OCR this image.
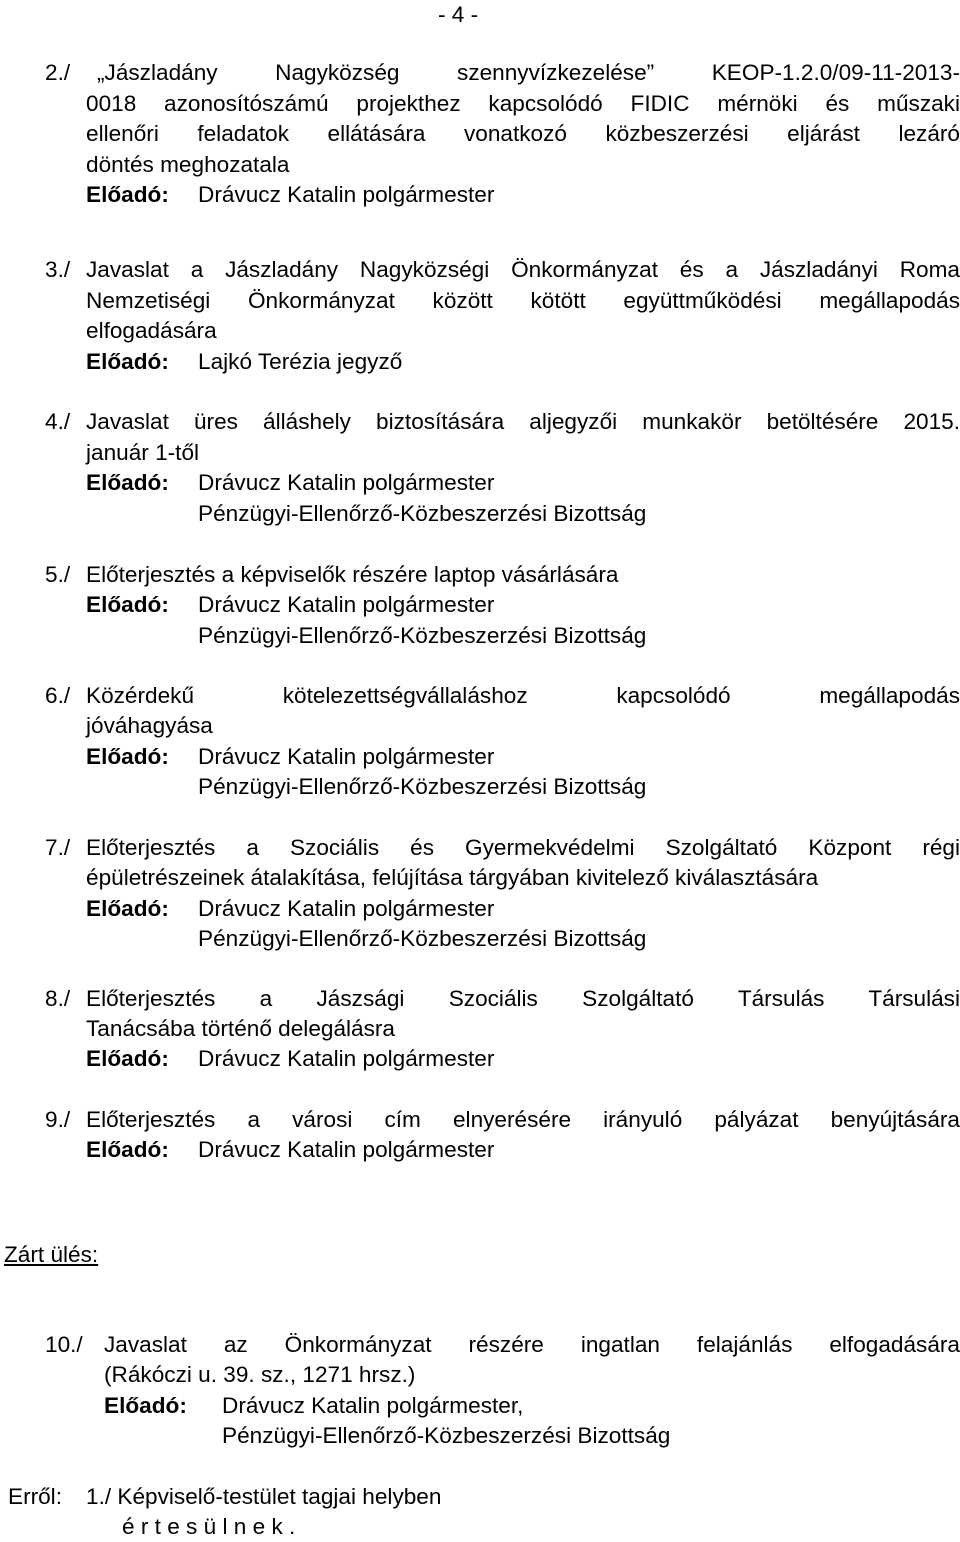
- 4 -
2./ „Jászladány Nagyközség szennyvízkezelése” KEOP-1.2.0/09-11-2013-
0018 azonosítószámú projekthez kapcsolódó FIDIC mérnöki és műszaki
ellenőri feladatok ellátására vonatkozó közbeszerzési eljárást lezáró
döntés meghozatala
Előadó: Drávucz Katalin polgármester
3./ Javaslat a Jászladány Nagyközségi Önkormányzat és a Jászladányi Roma
Nemzetiségi Önkormányzat között kötött együttműködési megállapodás
elfogadására
Előadó: Lajkó Terézia jegyző
4./ Javaslat üres álláshely biztosítására aljegyzői munkakör betöltésére 2015.
január 1-től
Előadó: Drávucz Katalin polgármester
Pénzügyi-Ellenőrző-Közbeszerzési Bizottság
5./ Előterjesztés a képviselők részére laptop vásárlására
Előadó: Drávucz Katalin polgármester
Pénzügyi-Ellenőrző-Közbeszerzési Bizottság
6./ Közérdekű kötelezettségvállaláshoz kapcsolódó megállapodás
jóváhagyása
Előadó: Drávucz Katalin polgármester
Pénzügyi-Ellenőrző-Közbeszerzési Bizottság
7./ Előterjesztés a Szociális és Gyermekvédelmi Szolgáltató Központ régi
épületrészeinek átalakítása, felújítása tárgyában kivitelező kiválasztására
Előadó: Drávucz Katalin polgármester
Pénzügyi-Ellenőrző-Közbeszerzési Bizottság
8./ Előterjesztés a Jászsági Szociális Szolgáltató Társulás Társulási
Tanácsába történő delegálásra
Előadó: Drávucz Katalin polgármester
9./ Előterjesztés a városi cím elnyerésére irányuló pályázat benyújtására
Előadó: Drávucz Katalin polgármester
Zárt ülés:
10./ Javaslat az Önkormányzat részére ingatlan felajánlás elfogadására
(Rákóczi u. 39. sz., 1271 hrsz.)
Előadó: Drávucz Katalin polgármester,
Pénzügyi-Ellenőrző-Közbeszerzési Bizottság
Erről: 1./ Képviselő-testület tagjai helyben
é r t e s ü l n e k .
